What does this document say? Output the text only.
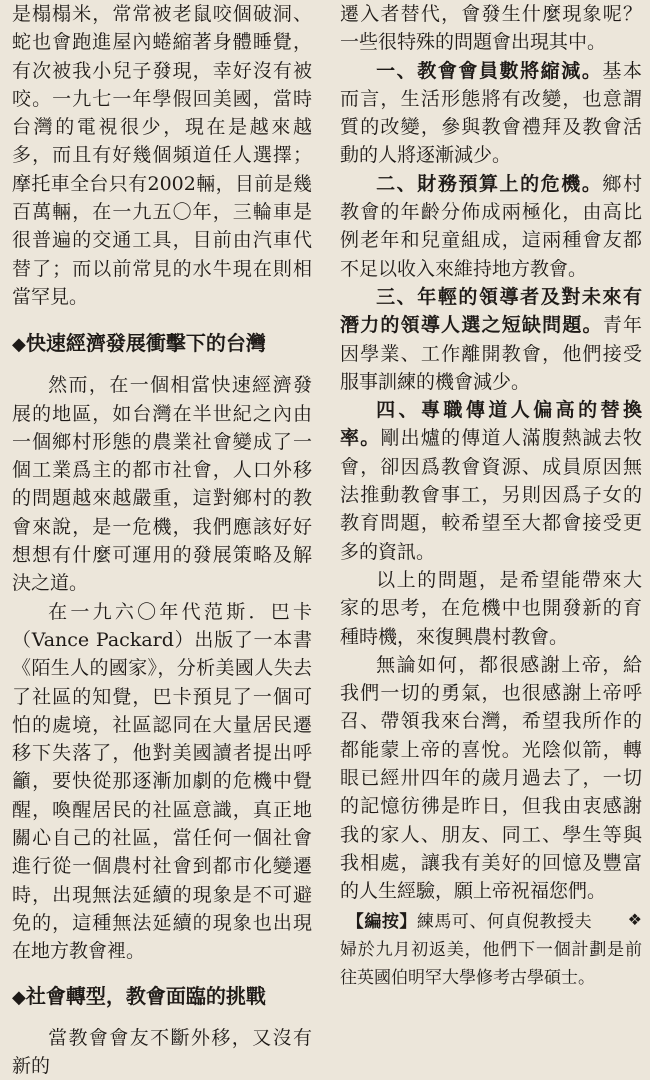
是榻榻米，常常被老鼠咬個破洞、蛇也會跑進屋內蜷縮著身體睡覺，有次被我小兒子發現，幸好沒有被咬。一九七一年學假回美國，當時台灣的電視很少，現在是越來越多，而且有好幾個頻道任人選擇；摩托車全台只有2002輛，目前是幾百萬輛，在一九五〇年，三輪車是很普遍的交通工具，目前由汽車代替了；而以前常見的水牛現在則相當罕見。

◆快速經濟發展衝擊下的台灣

然而，在一個相當快速經濟發展的地區，如台灣在半世紀之內由一個鄉村形態的農業社會變成了一個工業爲主的都市社會，人口外移的問題越來越嚴重，這對鄉村的教會來說，是一危機，我們應該好好想想有什麼可運用的發展策略及解決之道。

在一九六〇年代范斯．巴卡（Vance Packard）出版了一本書《陌生人的國家》，分析美國人失去了社區的知覺，巴卡預見了一個可怕的處境，社區認同在大量居民遷移下失落了，他對美國讀者提出呼籲，要快從那逐漸加劇的危機中覺醒，喚醒居民的社區意識，真正地關心自己的社區，當任何一個社會進行從一個農村社會到都市化變遷時，出現無法延續的現象是不可避免的，這種無法延續的現象也出現在地方教會裡。

◆社會轉型，教會面臨的挑戰

當教會會友不斷外移，又沒有新的

遷入者替代，會發生什麼現象呢？一些很特殊的問題會出現其中。

一、教會會員數將縮減。基本而言，生活形態將有改變，也意謂質的改變，參與教會禮拜及教會活動的人將逐漸減少。

二、財務預算上的危機。鄉村教會的年齡分佈成兩極化，由高比例老年和兒童組成，這兩種會友都不足以收入來維持地方教會。

三、年輕的領導者及對未來有潛力的領導人選之短缺問題。青年因學業、工作離開教會，他們接受服事訓練的機會減少。

四、專職傳道人偏高的替換率。剛出爐的傳道人滿腹熱誠去牧會，卻因爲教會資源、成員原因無法推動教會事工，另則因爲子女的教育問題，較希望至大都會接受更多的資訊。

以上的問題，是希望能帶來大家的思考，在危機中也開發新的育種時機，來復興農村教會。

無論如何，都很感謝上帝，給我們一切的勇氣，也很感謝上帝呼召、帶領我來台灣，希望我所作的都能蒙上帝的喜悅。光陰似箭，轉眼已經卅四年的歲月過去了，一切的記憶彷彿是昨日，但我由衷感謝我的家人、朋友、同工、學生等與我相處，讓我有美好的回憶及豐富的人生經驗，願上帝祝福您們。
❖

【編按】練馬可、何貞倪教授夫婦於九月初返美，他們下一個計劃是前往英國伯明罕大學修考古學碩士。
